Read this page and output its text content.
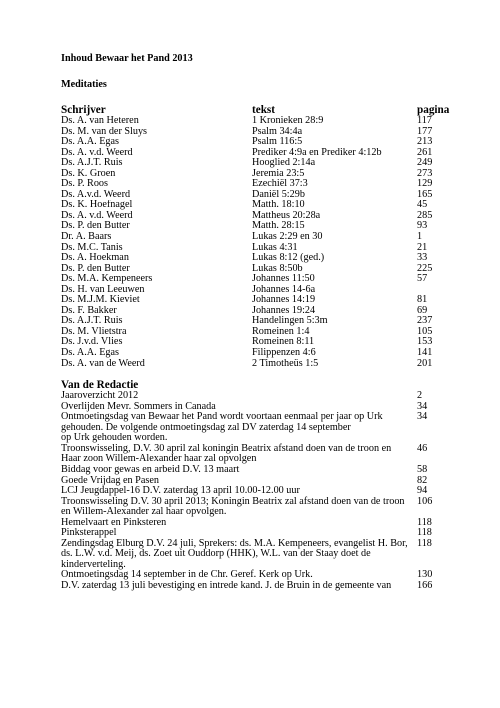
Inhoud Bewaar het Pand 2013
Meditaties
Schrijver	tekst	pagina
Ds. A. van Heteren	1 Kronieken 28:9	117
Ds. M. van der Sluys	Psalm 34:4a	177
Ds. A.A. Egas	Psalm 116:5	213
Ds. A. v.d. Weerd	Prediker 4:9a en Prediker 4:12b	261
Ds. A.J.T. Ruis	Hooglied 2:14a	249
Ds. K. Groen	Jeremia 23:5	273
Ds. P. Roos	Ezechiël 37:3	129
Ds. A.v.d. Weerd	Daniël 5:29b	165
Ds. K. Hoefnagel	Matth. 18:10	45
Ds. A. v.d. Weerd	Mattheus 20:28a	285
Ds. P. den Butter	Matth. 28:15	93
Dr. A. Baars	Lukas 2:29 en 30	1
Ds. M.C. Tanis	Lukas 4:31	21
Ds. A. Hoekman	Lukas 8:12 (ged.)	33
Ds. P. den Butter	Lukas 8:50b	225
Ds. M.A. Kempeneers	Johannes 11:50	57
Ds. H. van Leeuwen	Johannes 14-6a
Ds. M.J.M. Kieviet	Johannes 14:19	81
Ds. F. Bakker	Johannes 19:24	69
Ds. A.J.T. Ruis	Handelingen 5:3m	237
Ds. M. Vlietstra	Romeinen 1:4	105
Ds. J.v.d. Vlies	Romeinen 8:11	153
Ds. A.A. Egas	Filippenzen 4:6	141
Ds. A. van de Weerd	2 Timotheüs 1:5	201
Van de Redactie
Jaaroverzicht 2012	2
Overlijden Mevr. Sommers in Canada	34
Ontmoetingsdag van Bewaar het Pand wordt voortaan eenmaal per jaar op Urk
gehouden. De volgende ontmoetingsdag zal DV zaterdag 14 september
op Urk gehouden worden.
34
Troonswisseling, D.V. 30 april zal koningin Beatrix afstand doen van de troon en
Haar zoon Willem-Alexander haar zal opvolgen
46
Biddag voor gewas en arbeid D.V. 13 maart	58
Goede Vrijdag en Pasen	82
LCJ Jeugdappel-16 D.V. zaterdag 13 april 10.00-12.00 uur	94
Troonswisseling D.V. 30 april 2013; Koningin Beatrix zal afstand doen van de troon
en Willem-Alexander zal haar opvolgen.
106
Hemelvaart en Pinksteren	118
Pinksterappel	118
Zendingsdag Elburg D.V. 24 juli, Sprekers: ds. M.A. Kempeneers, evangelist H. Bor,
ds. L.W. v.d. Meij, ds. Zoet uit Ouddorp (HHK), W.L. van der Staay doet de
kinderverteling.
118
Ontmoetingsdag 14 september in de Chr. Geref. Kerk op Urk.	130
D.V. zaterdag 13 juli bevestiging en intrede kand. J. de Bruin in de gemeente van	166
